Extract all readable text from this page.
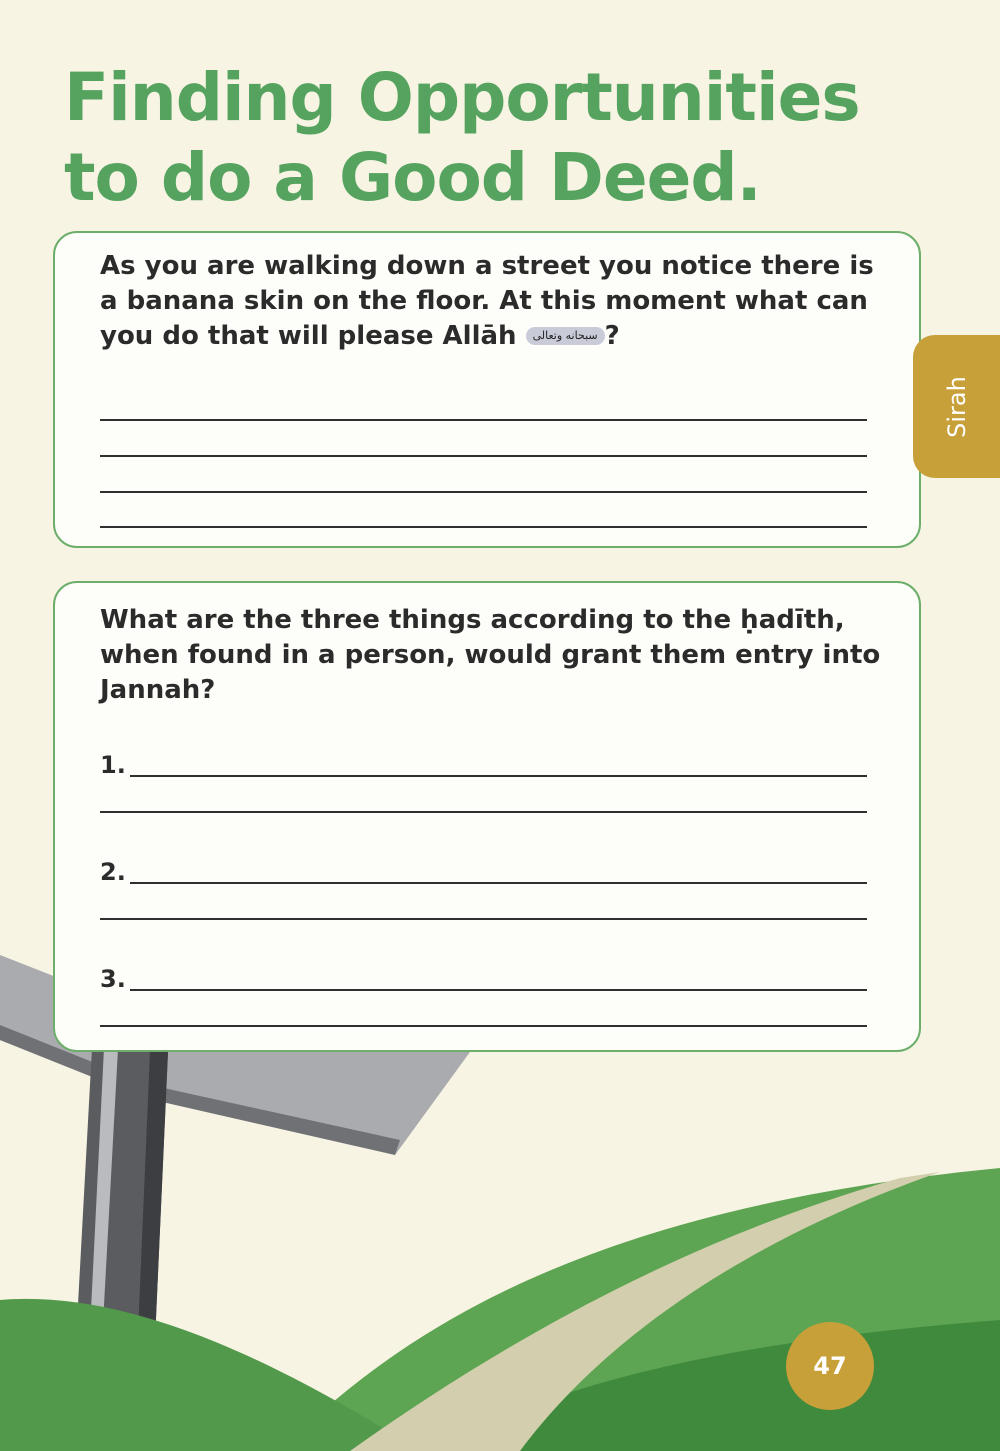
Finding Opportunities
to do a Good Deed.

As you are walking down a street you notice there is a banana skin on the floor. At this moment what can you do that will please Allāh سبحانه وتعالى ?

What are the three things according to the ḥadīth, when found in a person, would grant them entry into Jannah?

1.
2.
3.
Sirah
47
